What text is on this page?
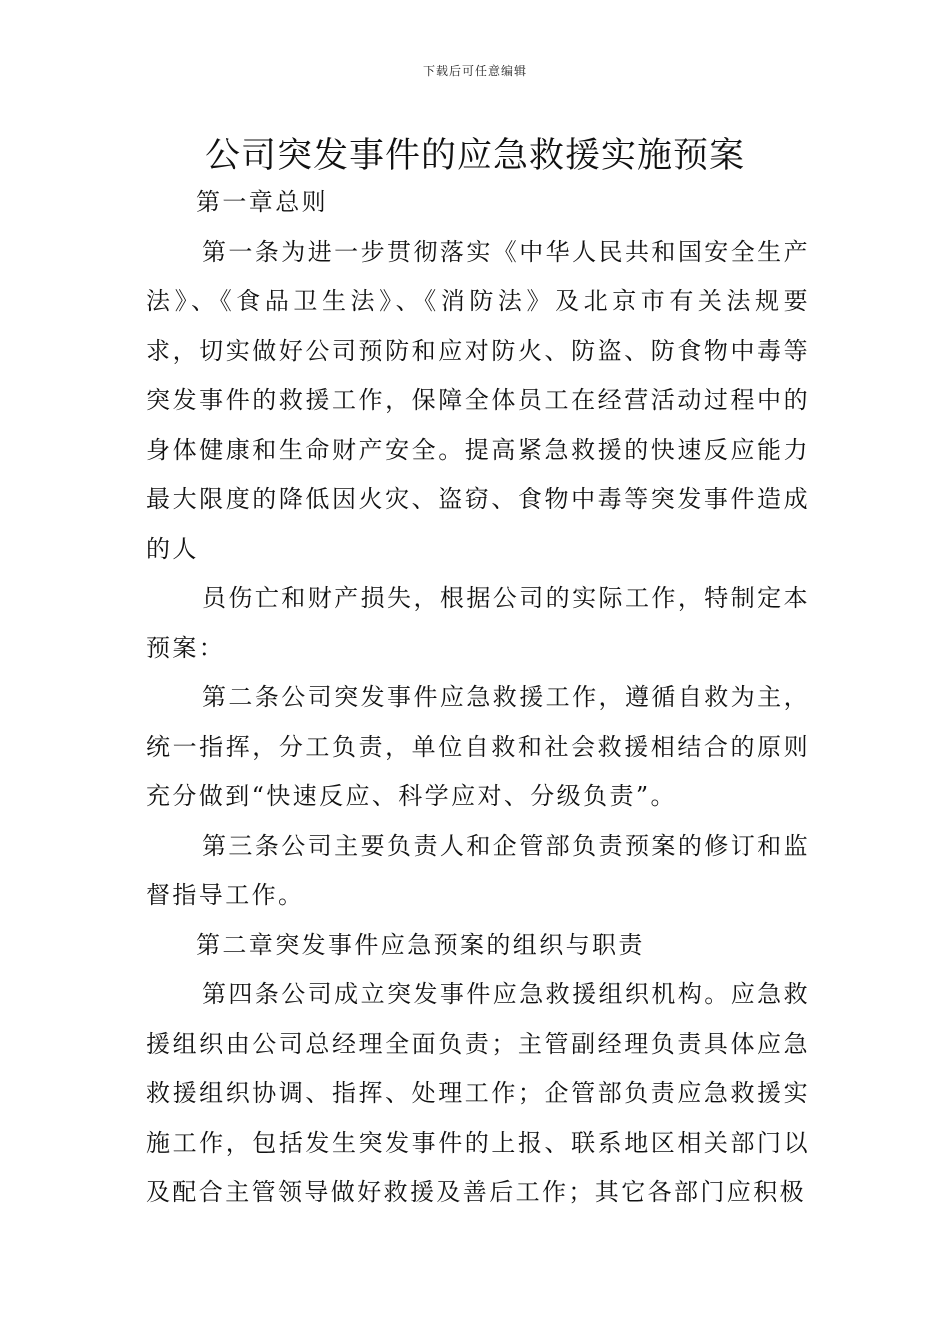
下载后可任意编辑
公司突发事件的应急救援实施预案

第一章总则

第一条为进一步贯彻落实《中华人民共和国安全生产法》、《食品卫生法》、《消防法》及北京市有关法规要求，切实做好公司预防和应对防火、防盗、防食物中毒等突发事件的救援工作，保障全体员工在经营活动过程中的身体健康和生命财产安全。提高紧急救援的快速反应能力最大限度的降低因火灾、盗窃、食物中毒等突发事件造成的人

员伤亡和财产损失，根据公司的实际工作，特制定本预案：

第二条公司突发事件应急救援工作，遵循自救为主，统一指挥，分工负责，单位自救和社会救援相结合的原则充分做到“快速反应、科学应对、分级负责”。

第三条公司主要负责人和企管部负责预案的修订和监督指导工作。

第二章突发事件应急预案的组织与职责

第四条公司成立突发事件应急救援组织机构。应急救援组织由公司总经理全面负责；主管副经理负责具体应急救援组织协调、指挥、处理工作；企管部负责应急救援实施工作，包括发生突发事件的上报、联系地区相关部门以及配合主管领导做好救援及善后工作；其它各部门应积极
